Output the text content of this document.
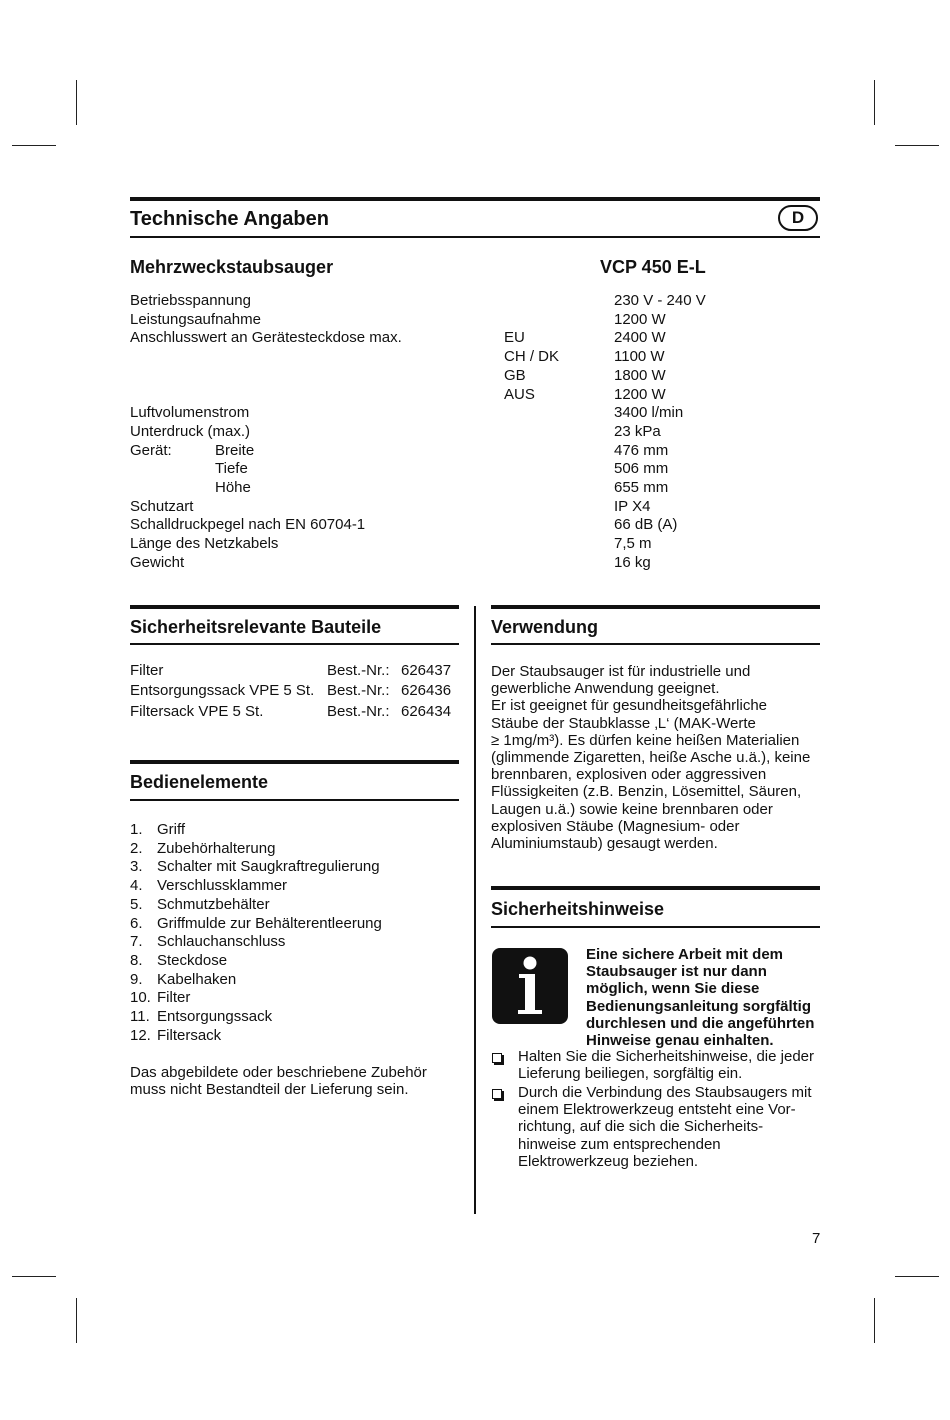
Technische Angaben	D
Mehrzweckstaubsauger	VCP 450 E-L
Betriebsspannung	230 V - 240 V
Leistungsaufnahme	1200 W
Anschlusswert an Gerätesteckdose max.	EU	2400 W
CH / DK	1100 W
GB	1800 W
AUS	1200 W
Luftvolumenstrom	3400 l/min
Unterdruck (max.)	23 kPa
Gerät:	Breite	476 mm
Tiefe	506 mm
Höhe	655 mm
Schutzart	IP X4
Schalldruckpegel nach EN 60704-1	66 dB (A)
Länge des Netzkabels	7,5 m
Gewicht	16 kg
Sicherheitsrelevante Bauteile
Filter	Best.-Nr.: 626437
Entsorgungssack VPE 5 St. Best.-Nr.: 626436
Filtersack VPE 5 St.	Best.-Nr.: 626434
Bedienelemente
1. Griff
2. Zubehörhalterung
3. Schalter mit Saugkraftregulierung
4. Verschlussklammer
5. Schmutzbehälter
6. Griffmulde zur Behälterentleerung
7. Schlauchanschluss
8. Steckdose
9. Kabelhaken
10. Filter
11. Entsorgungssack
12. Filtersack
Das abgebildete oder beschriebene Zubehör
muss nicht Bestandteil der Lieferung sein.
Verwendung
Der Staubsauger ist für industrielle und
gewerbliche Anwendung geeignet.
Er ist geeignet für gesundheitsgefährliche
Stäube der Staubklasse ‚L‘ (MAK-Werte
≥ 1mg/m³). Es dürfen keine heißen Materialien
(glimmende Zigaretten, heiße Asche u.ä.), keine
brennbaren, explosiven oder aggressiven
Flüssigkeiten (z.B. Benzin, Lösemittel, Säuren,
Laugen u.ä.) sowie keine brennbaren oder
explosiven Stäube (Magnesium- oder
Aluminiumstaub) gesaugt werden.
Sicherheitshinweise
Eine sichere Arbeit mit dem
Staubsauger ist nur dann
möglich, wenn Sie diese
Bedienungsanleitung sorgfältig
durchlesen und die angeführten
Hinweise genau einhalten.
Halten Sie die Sicherheitshinweise, die jeder
Lieferung beiliegen, sorgfältig ein.
Durch die Verbindung des Staubsaugers mit
einem Elektrowerkzeug entsteht eine Vor-
richtung, auf die sich die Sicherheits-
hinweise zum entsprechenden
Elektrowerkzeug beziehen.
7
